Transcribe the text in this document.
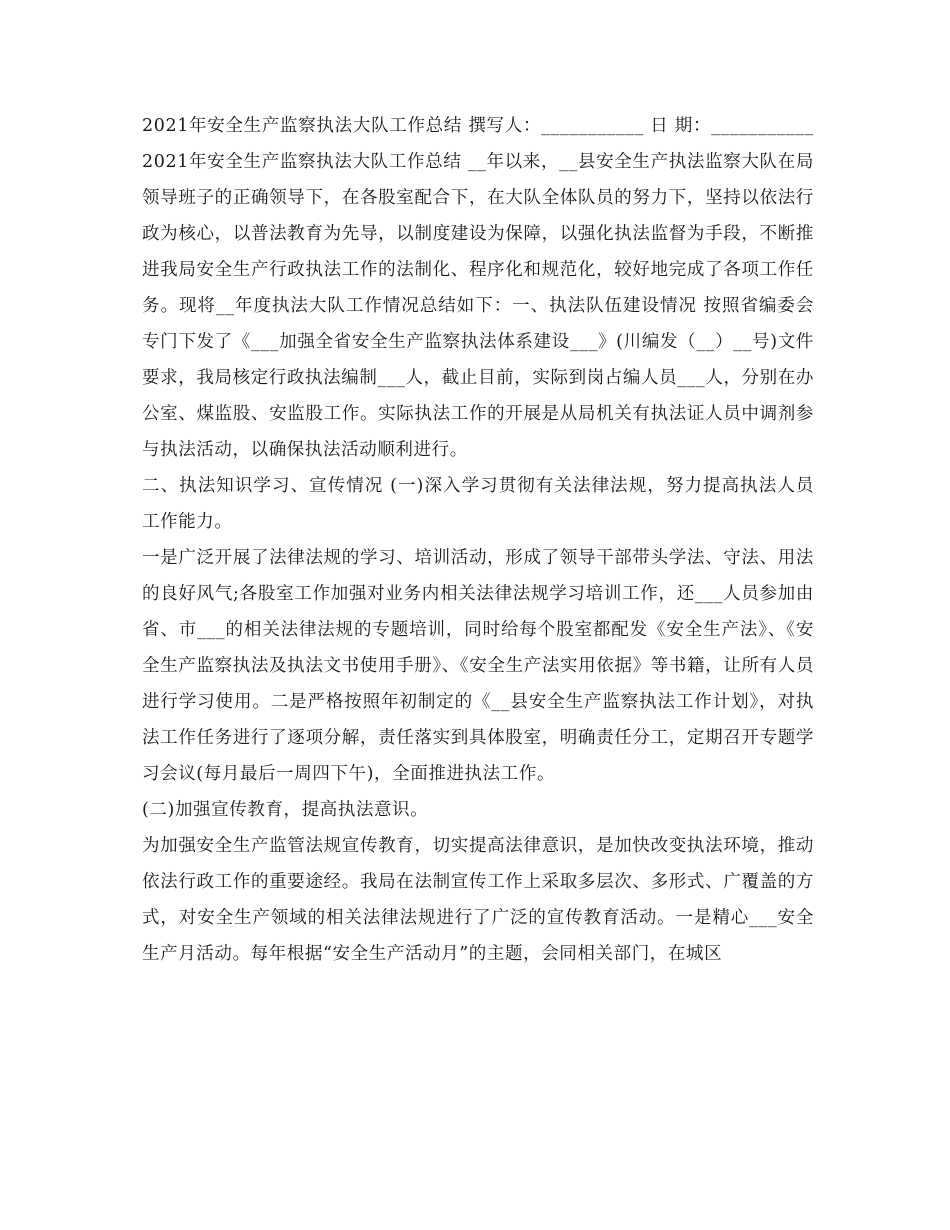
2021年安全生产监察执法大队工作总结 撰写人：___________ 日 期：___________ 2021年安全生产监察执法大队工作总结 __年以来，__县安全生产执法监察大队在局领导班子的正确领导下，在各股室配合下，在大队全体队员的努力下，坚持以依法行政为核心，以普法教育为先导，以制度建设为保障，以强化执法监督为手段，不断推进我局安全生产行政执法工作的法制化、程序化和规范化，较好地完成了各项工作任务。现将__年度执法大队工作情况总结如下：一、执法队伍建设情况 按照省编委会专门下发了《___加强全省安全生产监察执法体系建设___》(川编发（__）__号)文件要求，我局核定行政执法编制___人，截止目前，实际到岗占编人员___人，分别在办公室、煤监股、安监股工作。实际执法工作的开展是从局机关有执法证人员中调剂参与执法活动，以确保执法活动顺利进行。

二、执法知识学习、宣传情况 (一)深入学习贯彻有关法律法规，努力提高执法人员工作能力。

一是广泛开展了法律法规的学习、培训活动，形成了领导干部带头学法、守法、用法的良好风气;各股室工作加强对业务内相关法律法规学习培训工作，还___人员参加由省、市___的相关法律法规的专题培训，同时给每个股室都配发《安全生产法》、《安全生产监察执法及执法文书使用手册》、《安全生产法实用依据》等书籍，让所有人员进行学习使用。二是严格按照年初制定的《__县安全生产监察执法工作计划》，对执法工作任务进行了逐项分解，责任落实到具体股室，明确责任分工，定期召开专题学习会议(每月最后一周四下午)，全面推进执法工作。

(二)加强宣传教育，提高执法意识。

为加强安全生产监管法规宣传教育，切实提高法律意识，是加快改变执法环境，推动依法行政工作的重要途经。我局在法制宣传工作上采取多层次、多形式、广覆盖的方式，对安全生产领域的相关法律法规进行了广泛的宣传教育活动。一是精心___安全生产月活动。每年根据“安全生产活动月”的主题，会同相关部门，在城区
